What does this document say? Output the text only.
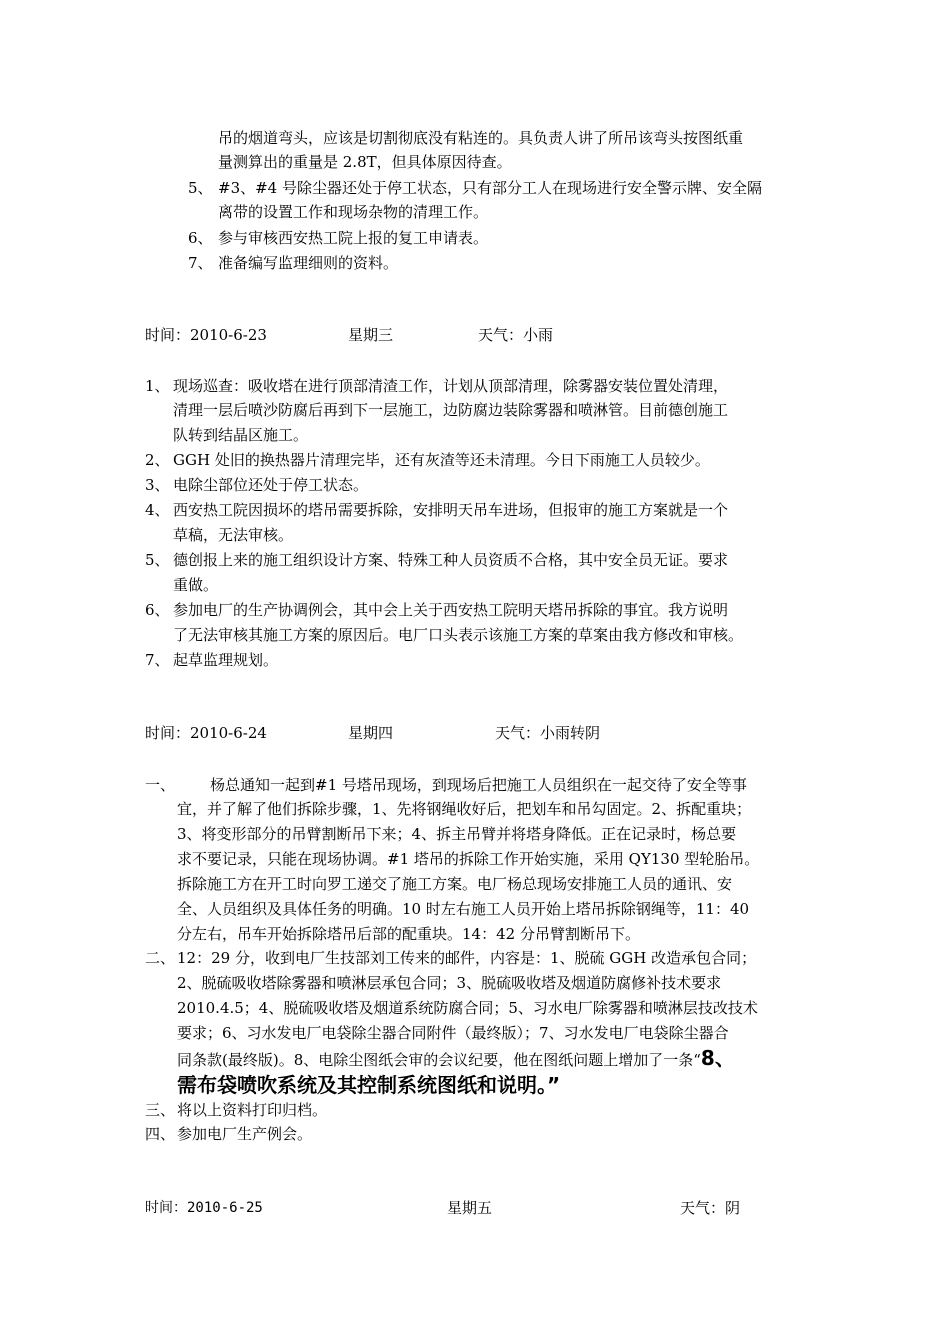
吊的烟道弯头，应该是切割彻底没有粘连的。具负责人讲了所吊该弯头按图纸重
量测算出的重量是 2.8T，但具体原因待查。
5、 #3、#4 号除尘器还处于停工状态，只有部分工人在现场进行安全警示牌、安全隔
离带的设置工作和现场杂物的清理工作。
6、 参与审核西安热工院上报的复工申请表。
7、 准备编写监理细则的资料。
时间：2010-6-23	星期三	天气：小雨
1、 现场巡查：吸收塔在进行顶部清渣工作，计划从顶部清理，除雾器安装位置处清理，
清理一层后喷沙防腐后再到下一层施工，边防腐边装除雾器和喷淋管。目前德创施工
队转到结晶区施工。
2、 GGH 处旧的换热器片清理完毕，还有灰渣等还未清理。今日下雨施工人员较少。
3、 电除尘部位还处于停工状态。
4、 西安热工院因损坏的塔吊需要拆除，安排明天吊车进场，但报审的施工方案就是一个
草稿，无法审核。
5、 德创报上来的施工组织设计方案、特殊工种人员资质不合格，其中安全员无证。要求
重做。
6、 参加电厂的生产协调例会，其中会上关于西安热工院明天塔吊拆除的事宜。我方说明
了无法审核其施工方案的原因后。电厂口头表示该施工方案的草案由我方修改和审核。
7、 起草监理规划。
时间：2010-6-24	星期四	天气：小雨转阴
一、 杨总通知一起到#1 号塔吊现场，到现场后把施工人员组织在一起交待了安全等事
宜，并了解了他们拆除步骤，1、先将钢绳收好后，把划车和吊勾固定。2、拆配重块；
3、将变形部分的吊臂割断吊下来；4、拆主吊臂并将塔身降低。正在记录时，杨总要
求不要记录，只能在现场协调。#1 塔吊的拆除工作开始实施，采用 QY130 型轮胎吊。
拆除施工方在开工时向罗工递交了施工方案。电厂杨总现场安排施工人员的通讯、安
全、人员组织及具体任务的明确。10 时左右施工人员开始上塔吊拆除钢绳等，11：40
分左右，吊车开始拆除塔吊后部的配重块。14：42 分吊臂割断吊下。
二、 12：29 分，收到电厂生技部刘工传来的邮件，内容是：1、脱硫 GGH 改造承包合同；
2、脱硫吸收塔除雾器和喷淋层承包合同；3、脱硫吸收塔及烟道防腐修补技术要求
2010.4.5；4、脱硫吸收塔及烟道系统防腐合同；5、习水电厂除雾器和喷淋层技改技术
要求；6、习水发电厂电袋除尘器合同附件（最终版）；7、习水发电厂电袋除尘器合
同条款(最终版)。8、电除尘图纸会审的会议纪要，他在图纸问题上增加了一条“8、
需布袋喷吹系统及其控制系统图纸和说明。”
三、 将以上资料打印归档。
四、 参加电厂生产例会。
时间：2010-6-25	星期五	天气：阴
